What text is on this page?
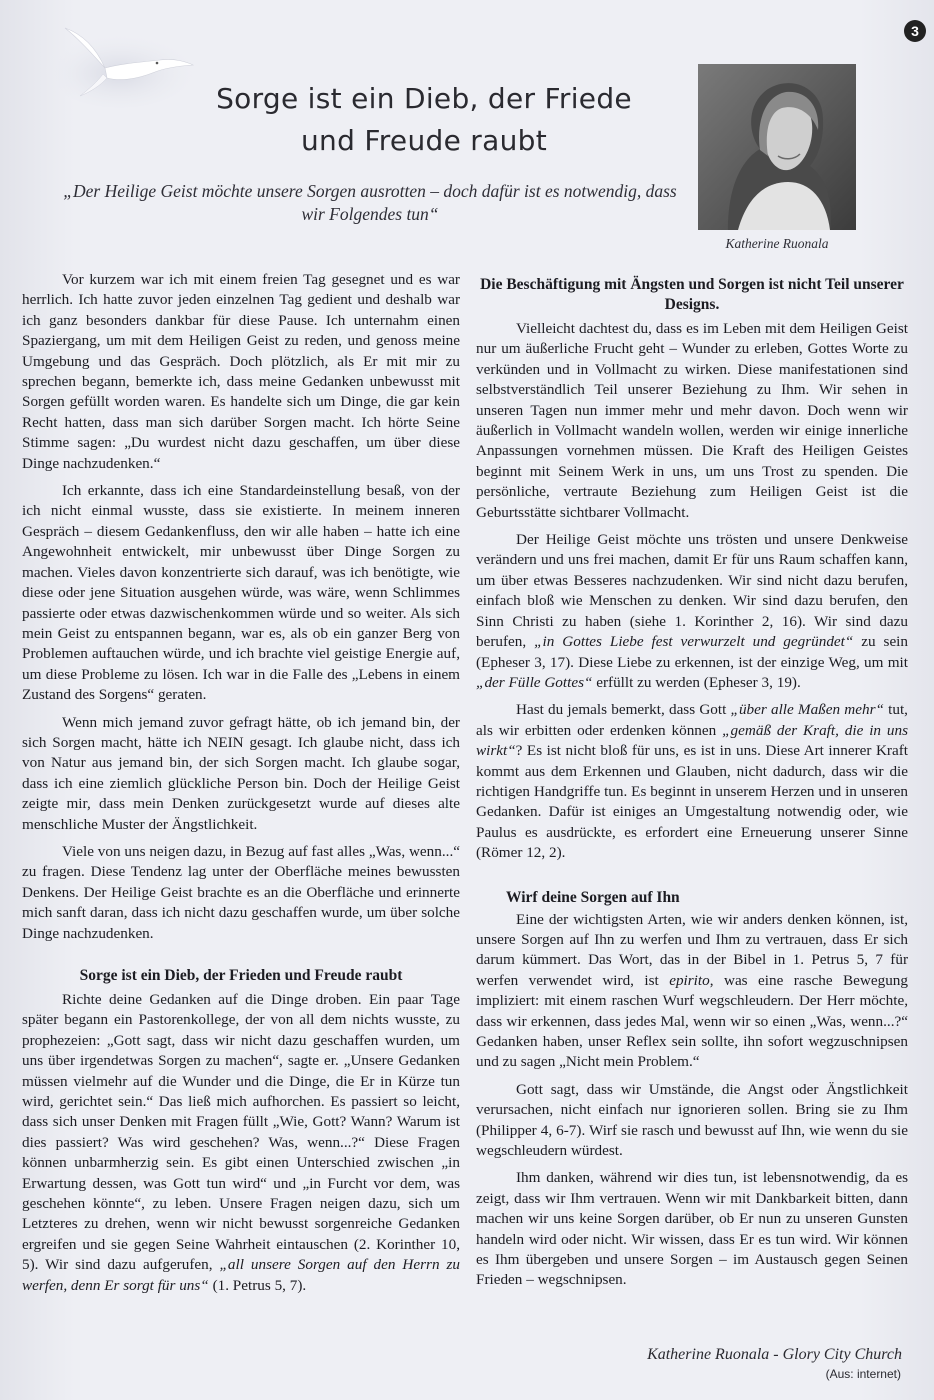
3
Sorge ist ein Dieb, der Friede
und Freude raubt
„Der Heilige Geist möchte unsere Sorgen ausrotten – doch dafür ist es notwendig, dass wir Folgendes tun“
Katherine Ruonala

Vor kurzem war ich mit einem freien Tag gesegnet und es war herrlich. Ich hatte zuvor jeden einzelnen Tag gedient und deshalb war ich ganz besonders dankbar für diese Pause. Ich unternahm einen Spaziergang, um mit dem Heiligen Geist zu reden, und genoss meine Umgebung und das Gespräch. Doch plötzlich, als Er mit mir zu sprechen begann, bemerkte ich, dass meine Gedanken unbewusst mit Sorgen gefüllt worden waren. Es handelte sich um Dinge, die gar kein Recht hatten, dass man sich darüber Sorgen macht. Ich hörte Seine Stimme sagen: „Du wurdest nicht dazu geschaffen, um über diese Dinge nachzudenken.“

Ich erkannte, dass ich eine Standardeinstellung besaß, von der ich nicht einmal wusste, dass sie existierte. In meinem inneren Gespräch – diesem Gedankenfluss, den wir alle haben – hatte ich eine Angewohnheit entwickelt, mir unbewusst über Dinge Sorgen zu machen. Vieles davon konzentrierte sich darauf, was ich benötigte, wie diese oder jene Situation ausgehen würde, was wäre, wenn Schlimmes passierte oder etwas dazwischenkommen würde und so weiter. Als sich mein Geist zu entspannen begann, war es, als ob ein ganzer Berg von Problemen auftauchen würde, und ich brachte viel geistige Energie auf, um diese Probleme zu lösen. Ich war in die Falle des „Lebens in einem Zustand des Sorgens“ geraten.

Wenn mich jemand zuvor gefragt hätte, ob ich jemand bin, der sich Sorgen macht, hätte ich NEIN gesagt. Ich glaube nicht, dass ich von Natur aus jemand bin, der sich Sorgen macht. Ich glaube sogar, dass ich eine ziemlich glückliche Person bin. Doch der Heilige Geist zeigte mir, dass mein Denken zurückgesetzt wurde auf dieses alte menschliche Muster der Ängstlichkeit.

Viele von uns neigen dazu, in Bezug auf fast alles „Was, wenn...“ zu fragen. Diese Tendenz lag unter der Oberfläche meines bewussten Denkens. Der Heilige Geist brachte es an die Oberfläche und erinnerte mich sanft daran, dass ich nicht dazu geschaffen wurde, um über solche Dinge nachzudenken.

Sorge ist ein Dieb, der Frieden und Freude raubt

Richte deine Gedanken auf die Dinge droben. Ein paar Tage später begann ein Pastorenkollege, der von all dem nichts wusste, zu prophezeien: „Gott sagt, dass wir nicht dazu geschaffen wurden, um uns über irgendetwas Sorgen zu machen“, sagte er. „Unsere Gedanken müssen vielmehr auf die Wunder und die Dinge, die Er in Kürze tun wird, gerichtet sein.“ Das ließ mich aufhorchen. Es passiert so leicht, dass sich unser Denken mit Fragen füllt „Wie, Gott? Wann? Warum ist dies passiert? Was wird geschehen? Was, wenn...?“ Diese Fragen können unbarmherzig sein. Es gibt einen Unterschied zwischen „in Erwartung dessen, was Gott tun wird“ und „in Furcht vor dem, was geschehen könnte“, zu leben. Unsere Fragen neigen dazu, sich um Letzteres zu drehen, wenn wir nicht bewusst sorgenreiche Gedanken ergreifen und sie gegen Seine Wahrheit eintauschen (2. Korinther 10, 5). Wir sind dazu aufgerufen, „all unsere Sorgen auf den Herrn zu werfen, denn Er sorgt für uns“ (1. Petrus 5, 7).

Die Beschäftigung mit Ängsten und Sorgen ist nicht Teil unserer Designs.

Vielleicht dachtest du, dass es im Leben mit dem Heiligen Geist nur um äußerliche Frucht geht – Wunder zu erleben, Gottes Worte zu verkünden und in Vollmacht zu wirken. Diese manifestationen sind selbstverständlich Teil unserer Beziehung zu Ihm. Wir sehen in unseren Tagen nun immer mehr und mehr davon. Doch wenn wir äußerlich in Vollmacht wandeln wollen, werden wir einige innerliche Anpassungen vornehmen müssen. Die Kraft des Heiligen Geistes beginnt mit Seinem Werk in uns, um uns Trost zu spenden. Die persönliche, vertraute Beziehung zum Heiligen Geist ist die Geburtsstätte sichtbarer Vollmacht.

Der Heilige Geist möchte uns trösten und unsere Denkweise verändern und uns frei machen, damit Er für uns Raum schaffen kann, um über etwas Besseres nachzudenken. Wir sind nicht dazu berufen, einfach bloß wie Menschen zu denken. Wir sind dazu berufen, den Sinn Christi zu haben (siehe 1. Korinther 2, 16). Wir sind dazu berufen, „in Gottes Liebe fest verwurzelt und gegründet“ zu sein (Epheser 3, 17). Diese Liebe zu erkennen, ist der einzige Weg, um mit „der Fülle Gottes“ erfüllt zu werden (Epheser 3, 19).

Hast du jemals bemerkt, dass Gott „über alle Maßen mehr“ tut, als wir erbitten oder erdenken können „gemäß der Kraft, die in uns wirkt“? Es ist nicht bloß für uns, es ist in uns. Diese Art innerer Kraft kommt aus dem Erkennen und Glauben, nicht dadurch, dass wir die richtigen Handgriffe tun. Es beginnt in unserem Herzen und in unseren Gedanken. Dafür ist einiges an Umgestaltung notwendig oder, wie Paulus es ausdrückte, es erfordert eine Erneuerung unserer Sinne (Römer 12, 2).

Wirf deine Sorgen auf Ihn

Eine der wichtigsten Arten, wie wir anders denken können, ist, unsere Sorgen auf Ihn zu werfen und Ihm zu vertrauen, dass Er sich darum kümmert. Das Wort, das in der Bibel in 1. Petrus 5, 7 für werfen verwendet wird, ist epirito, was eine rasche Bewegung impliziert: mit einem raschen Wurf wegschleudern. Der Herr möchte, dass wir erkennen, dass jedes Mal, wenn wir so einen „Was, wenn...?“ Gedanken haben, unser Reflex sein sollte, ihn sofort wegzuschnipsen und zu sagen „Nicht mein Problem.“

Gott sagt, dass wir Umstände, die Angst oder Ängstlichkeit verursachen, nicht einfach nur ignorieren sollen. Bring sie zu Ihm (Philipper 4, 6-7). Wirf sie rasch und bewusst auf Ihn, wie wenn du sie wegschleudern würdest.

Ihm danken, während wir dies tun, ist lebensnotwendig, da es zeigt, dass wir Ihm vertrauen. Wenn wir mit Dankbarkeit bitten, dann machen wir uns keine Sorgen darüber, ob Er nun zu unseren Gunsten handeln wird oder nicht. Wir wissen, dass Er es tun wird. Wir können es Ihm übergeben und unsere Sorgen – im Austausch gegen Seinen Frieden – wegschnipsen.

Katherine Ruonala - Glory City Church
(Aus: internet)
